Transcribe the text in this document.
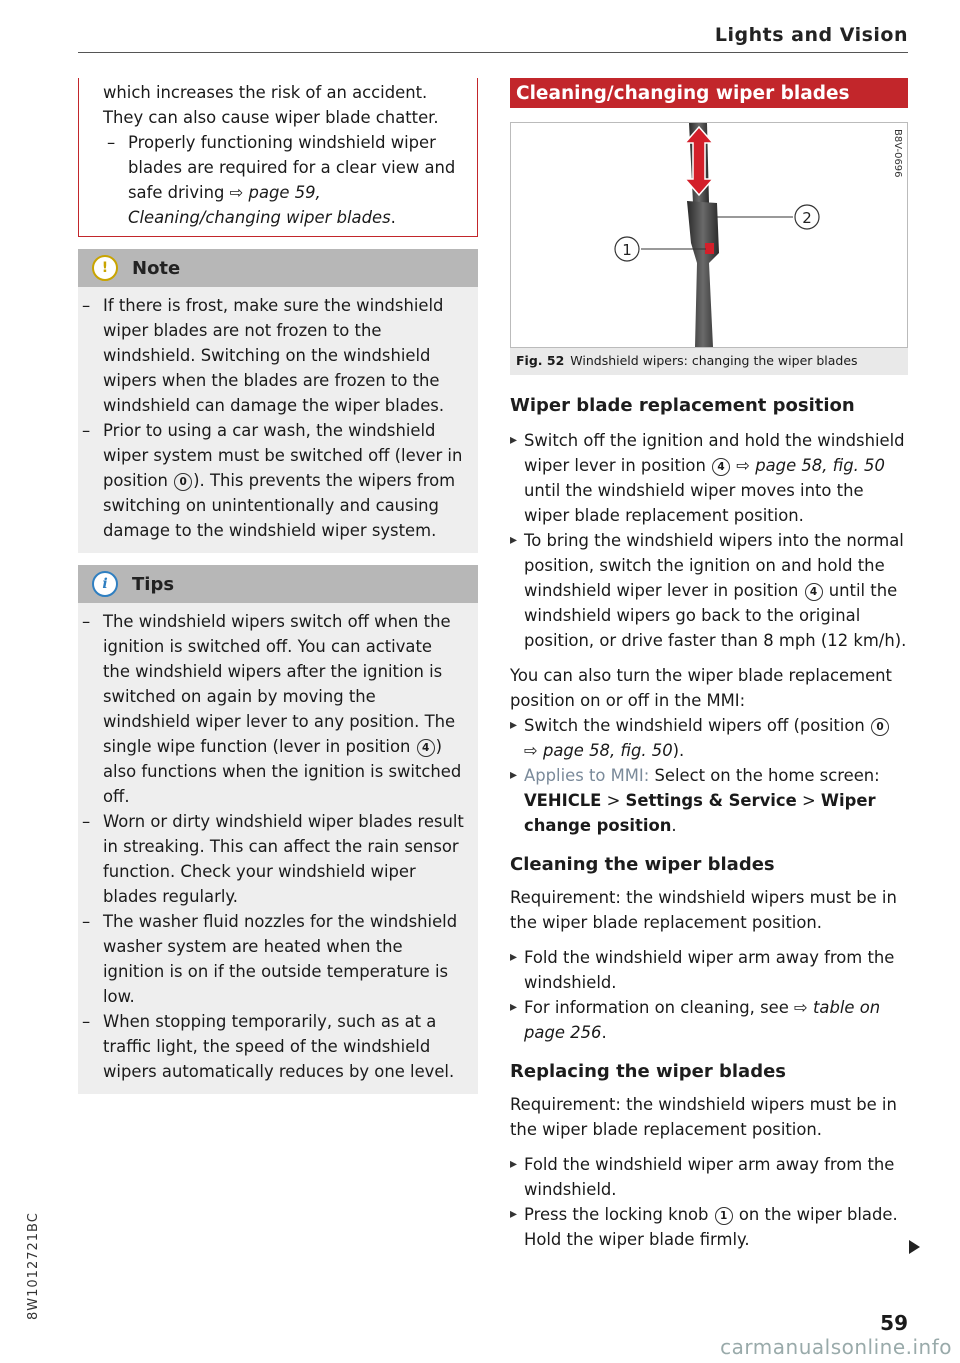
Lights and Vision

which increases the risk of an accident. They can also cause wiper blade chatter.

– Properly functioning windshield wiper blades are required for a clear view and safe driving ⇨ page 59, Cleaning/changing wiper blades.

!	Note

– If there is frost, make sure the windshield wiper blades are not frozen to the windshield. Switching on the windshield wipers when the blades are frozen to the windshield can damage the wiper blades.

– Prior to using a car wash, the windshield wiper system must be switched off (lever in position 0 ). This prevents the wipers from switching on unintentionally and causing damage to the windshield wiper system.

i	Tips

– The windshield wipers switch off when the ignition is switched off. You can activate the windshield wipers after the ignition is switched on again by moving the windshield wiper lever to any position. The single wipe function (lever in position 4 ) also functions when the ignition is switched off.

– Worn or dirty windshield wiper blades result in streaking. This can affect the rain sensor function. Check your windshield wiper blades regularly.

– The washer fluid nozzles for the windshield washer system are heated when the ignition is on if the outside temperature is low.

– When stopping temporarily, such as at a traffic light, the speed of the windshield wipers automatically reduces by one level.

Cleaning/changing wiper blades
1
2
B8V-0696
Fig. 52 Windshield wipers: changing the wiper blades
Wiper blade replacement position

▸ Switch off the ignition and hold the windshield wiper lever in position 4 ⇨ page 58, fig. 50 until the windshield wiper moves into the wiper blade replacement position.

▸ To bring the windshield wipers into the normal position, switch the ignition on and hold the windshield wiper lever in position 4 until the windshield wipers go back to the original position, or drive faster than 8 mph (12 km/h).

You can also turn the wiper blade replacement position on or off in the MMI:

▸ Switch the windshield wipers off (position 0
⇨ page 58, fig. 50).

▸ Applies to MMI: Select on the home screen: VEHICLE > Settings & Service > Wiper change position.

Cleaning the wiper blades

Requirement: the windshield wipers must be in the wiper blade replacement position.

▸ Fold the windshield wiper arm away from the windshield.

▸ For information on cleaning, see ⇨ table on page 256.

Replacing the wiper blades

Requirement: the windshield wipers must be in the wiper blade replacement position.

▸ Fold the windshield wiper arm away from the windshield.

▸ Press the locking knob 1 on the wiper blade. Hold the wiper blade firmly.

8W1012721BC
59
carmanualsonline.info
